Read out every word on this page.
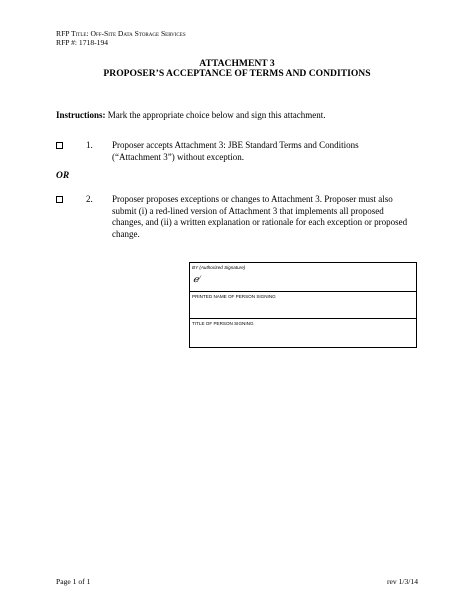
RFP Title: Off-Site Data Storage Services
RFP #: 1718-194
ATTACHMENT 3
PROPOSER’S ACCEPTANCE OF TERMS AND CONDITIONS
Instructions: Mark the appropriate choice below and sign this attachment.
1. Proposer accepts Attachment 3: JBE Standard Terms and Conditions
(“Attachment 3”) without exception.
OR
2. Proposer proposes exceptions or changes to Attachment 3. Proposer must also
submit (i) a red-lined version of Attachment 3 that implements all proposed
changes, and (ii) a written explanation or rationale for each exception or proposed
change.
BY (Authorized Signature)
ℯ⁄
PRINTED NAME OF PERSON SIGNING
TITLE OF PERSON SIGNING
Page 1 of 1	rev 1/3/14
